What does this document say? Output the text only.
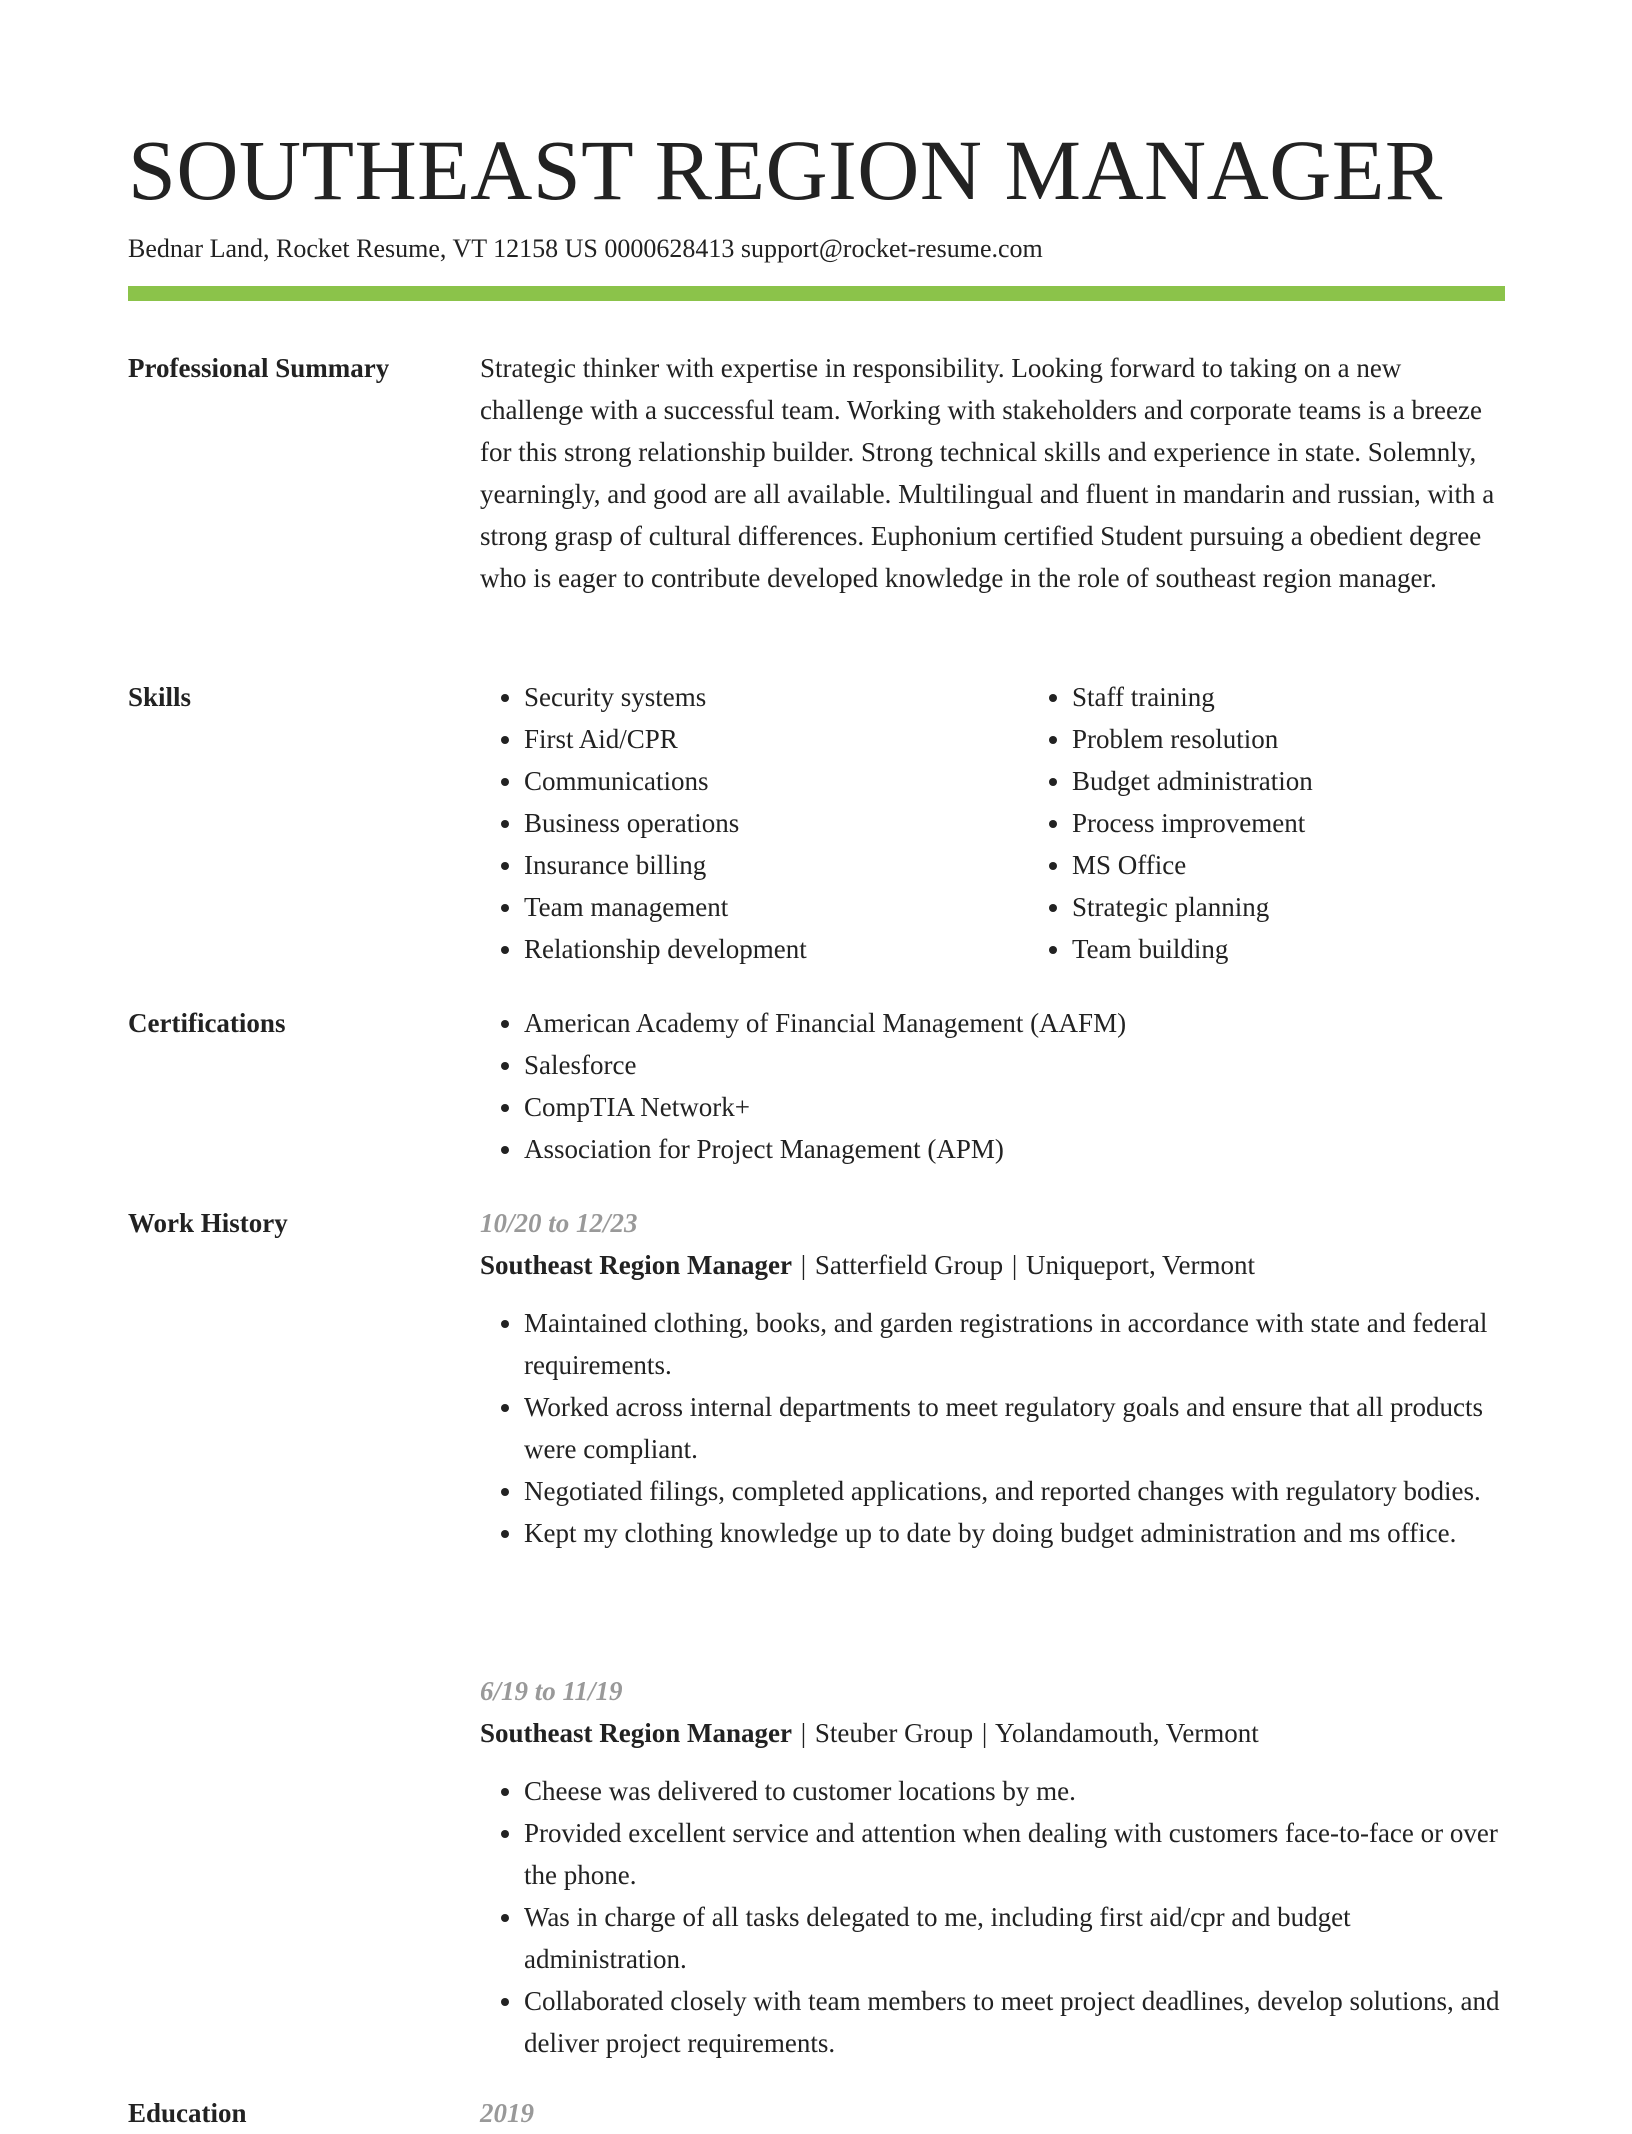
SOUTHEAST REGION MANAGER
Bednar Land, Rocket Resume, VT 12158 US 0000628413 support@rocket-resume.com
Professional Summary	Strategic thinker with expertise in responsibility. Looking forward to taking on a new challenge with a successful team. Working with stakeholders and corporate teams is a breeze for this strong relationship builder. Strong technical skills and experience in state. Solemnly, yearningly, and good are all available. Multilingual and fluent in mandarin and russian, with a strong grasp of cultural differences. Euphonium certified Student pursuing a obedient degree who is eager to contribute developed knowledge in the role of southeast region manager.

Skills	• Security systems
• First Aid/CPR
• Communications
• Business operations
• Insurance billing
• Team management
• Relationship development
• Staff training
• Problem resolution
• Budget administration
• Process improvement
• MS Office
• Strategic planning
• Team building
Certifications	• American Academy of Financial Management (AAFM)
• Salesforce
• CompTIA Network+
• Association for Project Management (APM)
Work History	10/20 to 12/23
Southeast Region Manager | Satterfield Group | Uniqueport, Vermont
• Maintained clothing, books, and garden registrations in accordance with state and federal requirements.
• Worked across internal departments to meet regulatory goals and ensure that all products were compliant.
• Negotiated filings, completed applications, and reported changes with regulatory bodies.
• Kept my clothing knowledge up to date by doing budget administration and ms office.
6/19 to 11/19
Southeast Region Manager | Steuber Group | Yolandamouth, Vermont
• Cheese was delivered to customer locations by me.
• Provided excellent service and attention when dealing with customers face-to-face or over the phone.
• Was in charge of all tasks delegated to me, including first aid/cpr and budget administration.
• Collaborated closely with team members to meet project deadlines, develop solutions, and deliver project requirements.
Education	2019
